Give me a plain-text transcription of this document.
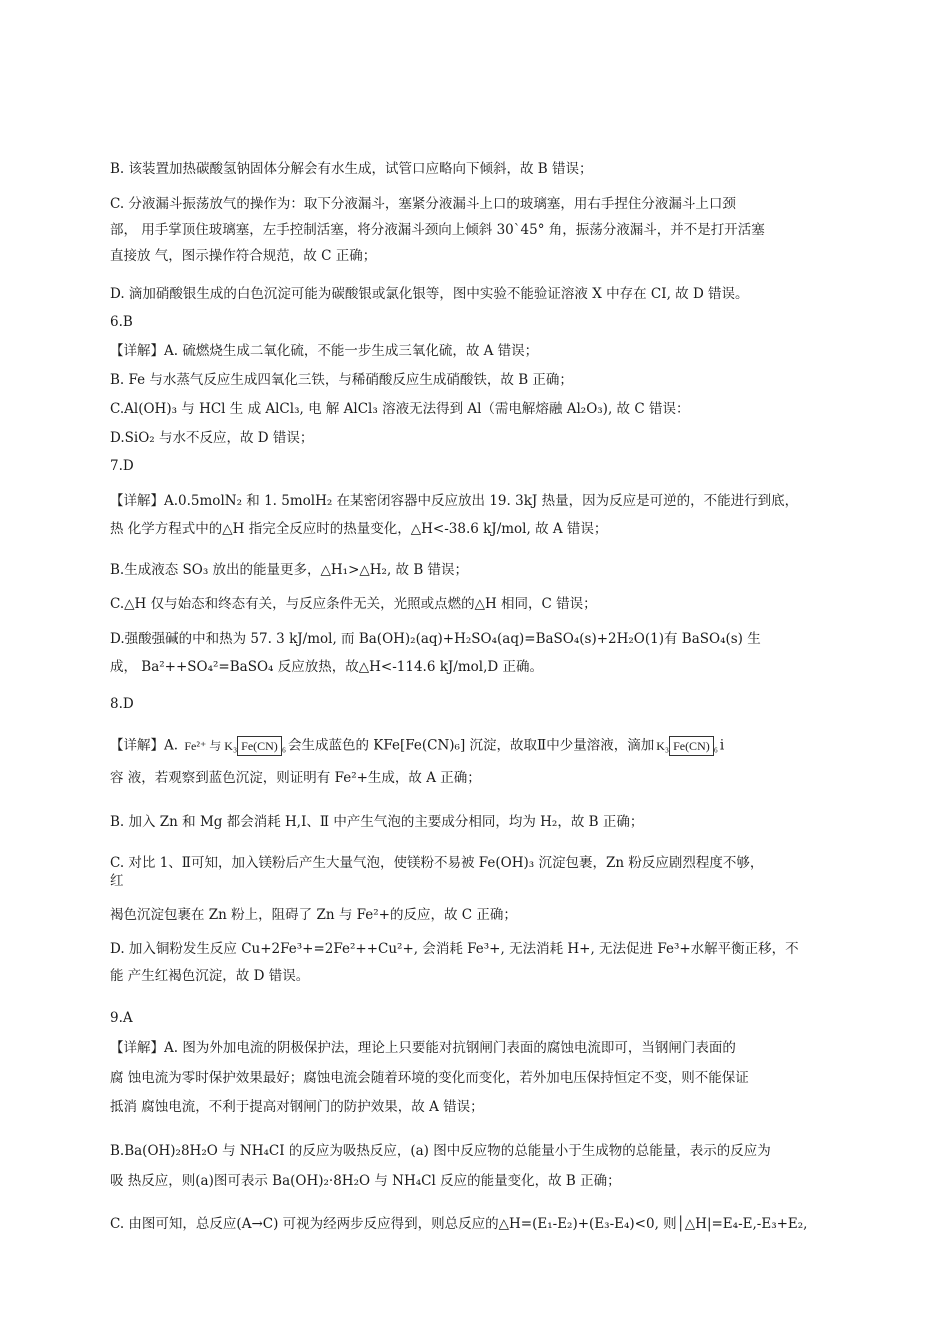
B. 该装置加热碳酸氢钠固体分解会有水生成，试管口应略向下倾斜，故 B 错误；
C. 分液漏斗振荡放气的操作为：取下分液漏斗，塞紧分液漏斗上口的玻璃塞，用右手捏住分液漏斗上口颈
部， 用手掌顶住玻璃塞，左手控制活塞，将分液漏斗颈向上倾斜 30ˋ45° 角，振荡分液漏斗，并不是打开活塞
直接放 气，图示操作符合规范，故 C 正确；
D. 滴加硝酸银生成的白色沉淀可能为碳酸银或氯化银等，图中实验不能验证溶液 X 中存在 CI, 故 D 错误。
6.B
【详解】A. 硫燃烧生成二氧化硫，不能一步生成三氧化硫，故 A 错误；
B. Fe 与水蒸气反应生成四氧化三铁，与稀硝酸反应生成硝酸铁，故 B 正确；
C.Al(OH)₃ 与 HCl 生 成 AlCl₃, 电 解 AlCl₃ 溶液无法得到 Al（需电解熔融 Al₂O₃), 故 C 错误：
D.SiO₂ 与水不反应，故 D 错误；
7.D
【详解】A.0.5molN₂ 和 1. 5molH₂ 在某密闭容器中反应放出 19. 3kJ 热量，因为反应是可逆的，不能进行到底，
热 化学方程式中的△H 指完全反应时的热量变化，△H<-38.6 kJ/mol, 故 A 错误；
B.生成液态 SO₃ 放出的能量更多，△H₁>△H₂, 故 B 错误；
C.△H 仅与始态和终态有关，与反应条件无关，光照或点燃的△H 相同，C 错误；
D.强酸强碱的中和热为 57. 3 kJ/mol, 而 Ba(OH)₂(aq)+H₂SO₄(aq)=BaSO₄(s)+2H₂O(1)有 BaSO₄(s) 生
成， Ba²++SO₄²=BaSO₄ 反应放热，故△H<-114.6 kJ/mol,D 正确。
8.D
【详解】A. Fe²⁺ 与 K₃ Fe(CN) ₆ 会生成蓝色的 KFe[Fe(CN)₆] 沉淀，故取Ⅱ中少量溶液，滴加 K₃ Fe(CN) ₆ i
容 液，若观察到蓝色沉淀，则证明有 Fe²+生成，故 A 正确；
B. 加入 Zn 和 Mg 都会消耗 H,I、Ⅱ 中产生气泡的主要成分相同，均为 H₂，故 B 正确；
C. 对比 1、Ⅱ可知，加入镁粉后产生大量气泡，使镁粉不易被 Fe(OH)₃ 沉淀包裹，Zn 粉反应剧烈程度不够，
红
褐色沉淀包裹在 Zn 粉上，阻碍了 Zn 与 Fe²+的反应，故 C 正确；
D. 加入铜粉发生反应 Cu+2Fe³+=2Fe²++Cu²+, 会消耗 Fe³+, 无法消耗 H+, 无法促进 Fe³+水解平衡正移，不
能 产生红褐色沉淀，故 D 错误。
9.A
【详解】A. 图为外加电流的阴极保护法，理论上只要能对抗钢闸门表面的腐蚀电流即可，当钢闸门表面的
腐 蚀电流为零时保护效果最好；腐蚀电流会随着环境的变化而变化，若外加电压保持恒定不变，则不能保证
抵消 腐蚀电流，不利于提高对钢闸门的防护效果，故 A 错误；
B.Ba(OH)₂8H₂O 与 NH₄CI 的反应为吸热反应，(a) 图中反应物的总能量小于生成物的总能量，表示的反应为
吸 热反应，则(a)图可表示 Ba(OH)₂·8H₂O 与 NH₄Cl 反应的能量变化，故 B 正确；
C. 由图可知，总反应(A→C) 可视为经两步反应得到，则总反应的△H=(E₁-E₂)+(E₃-E₄)<0, 则│△H|=E₄-E,-E₃+E₂,
